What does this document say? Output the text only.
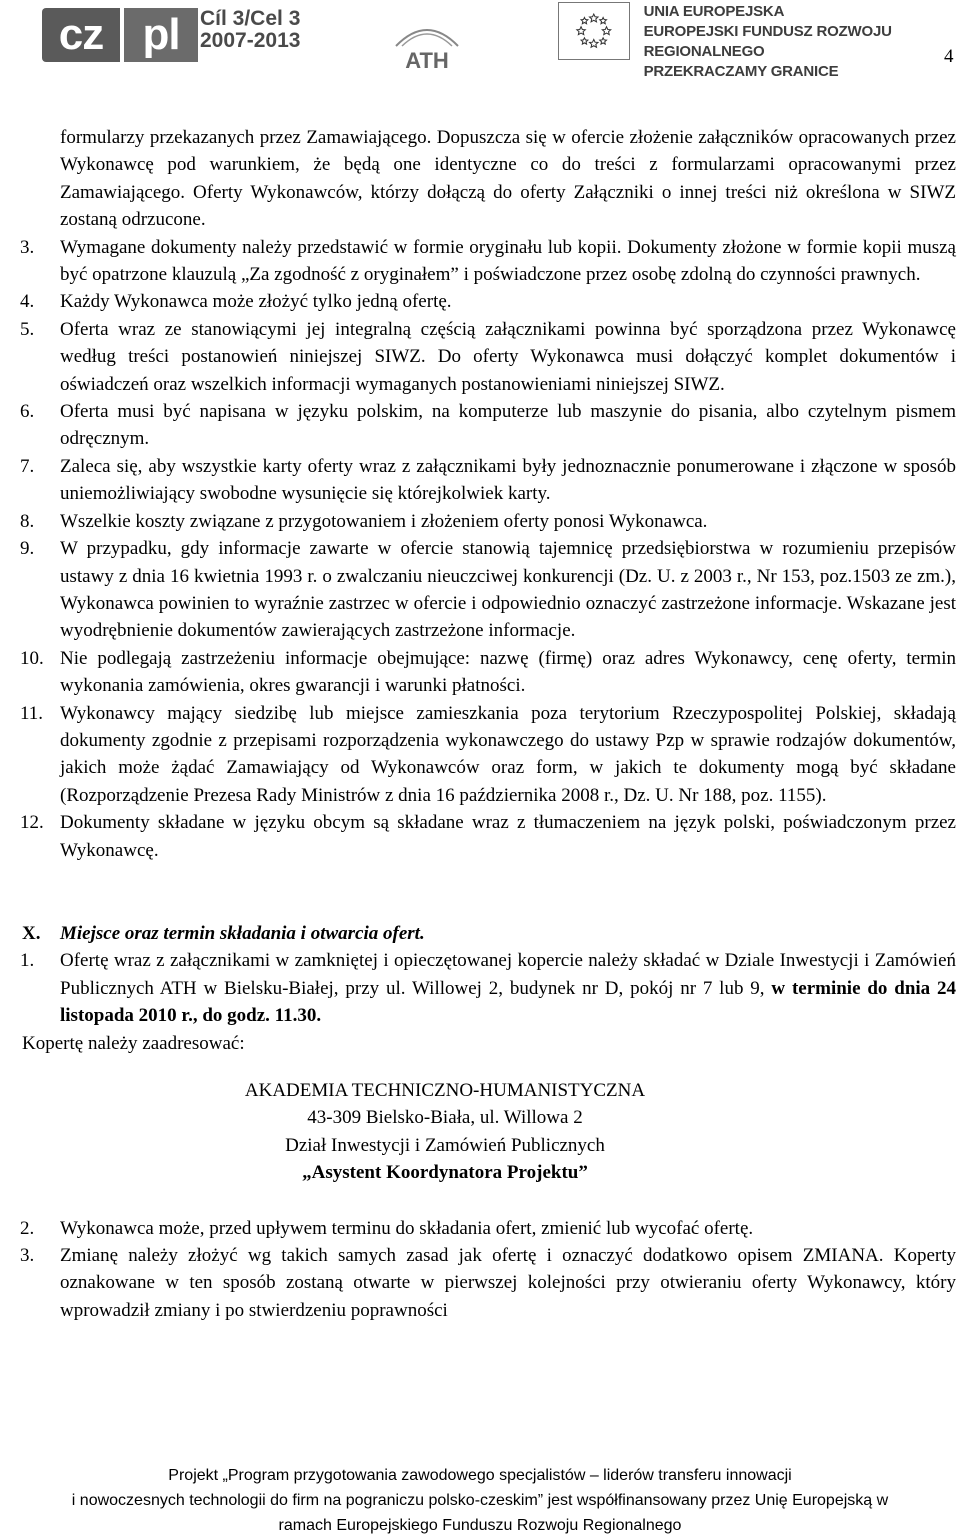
cz pl Cíl 3/Cel 3
2007-2013
ATH
UNIA EUROPEJSKA
EUROPEJSKI FUNDUSZ ROZWOJU REGIONALNEGO
PRZEKRACZAMY GRANICE
4
formularzy przekazanych przez Zamawiającego. Dopuszcza się w ofercie złożenie załączników opracowanych przez Wykonawcę pod warunkiem, że będą one identyczne co do treści z formularzami opracowanymi przez Zamawiającego. Oferty Wykonawców, którzy dołączą do oferty Załączniki o innej treści niż określona w SIWZ zostaną odrzucone.
3.	Wymagane dokumenty należy przedstawić w formie oryginału lub kopii. Dokumenty złożone w formie kopii muszą być opatrzone klauzulą „Za zgodność z oryginałem” i poświadczone przez osobę zdolną do czynności prawnych.
4.	Każdy Wykonawca może złożyć tylko jedną ofertę.
5.	Oferta wraz ze stanowiącymi jej integralną częścią załącznikami powinna być sporządzona przez Wykonawcę według treści postanowień niniejszej SIWZ. Do oferty Wykonawca musi dołączyć komplet dokumentów i oświadczeń oraz wszelkich informacji wymaganych postanowieniami niniejszej SIWZ.
6.	Oferta musi być napisana w języku polskim, na komputerze lub maszynie do pisania, albo czytelnym pismem odręcznym.
7.	Zaleca się, aby wszystkie karty oferty wraz z załącznikami były jednoznacznie ponumerowane i złączone w sposób uniemożliwiający swobodne wysunięcie się którejkolwiek karty.
8.	Wszelkie koszty związane z przygotowaniem i złożeniem oferty ponosi Wykonawca.
9.	W przypadku, gdy informacje zawarte w ofercie stanowią tajemnicę przedsiębiorstwa w rozumieniu przepisów ustawy z dnia 16 kwietnia 1993 r. o zwalczaniu nieuczciwej konkurencji (Dz. U. z 2003 r., Nr 153, poz.1503 ze zm.), Wykonawca powinien to wyraźnie zastrzec w ofercie i odpowiednio oznaczyć zastrzeżone informacje. Wskazane jest wyodrębnienie dokumentów zawierających zastrzeżone informacje.
10. Nie podlegają zastrzeżeniu informacje obejmujące: nazwę (firmę) oraz adres Wykonawcy, cenę oferty, termin wykonania zamówienia, okres gwarancji i warunki płatności.
11. Wykonawcy mający siedzibę lub miejsce zamieszkania poza terytorium Rzeczypospolitej Polskiej, składają dokumenty zgodnie z przepisami rozporządzenia wykonawczego do ustawy Pzp w sprawie rodzajów dokumentów, jakich może żądać Zamawiający od Wykonawców oraz form, w jakich te dokumenty mogą być składane (Rozporządzenie Prezesa Rady Ministrów z dnia 16 października 2008 r., Dz. U. Nr 188, poz. 1155).
12. Dokumenty składane w języku obcym są składane wraz z tłumaczeniem na język polski, poświadczonym przez Wykonawcę.
X.	Miejsce oraz termin składania i otwarcia ofert.
1.	Ofertę wraz z załącznikami w zamkniętej i opieczętowanej kopercie należy składać w Dziale Inwestycji i Zamówień Publicznych ATH w Bielsku-Białej, przy ul. Willowej 2, budynek nr D, pokój nr 7 lub 9, w terminie do dnia 24 listopada 2010 r., do godz. 11.30.
Kopertę należy zaadresować:
AKADEMIA TECHNICZNO-HUMANISTYCZNA
43-309 Bielsko-Biała, ul. Willowa 2
Dział Inwestycji i Zamówień Publicznych
„Asystent Koordynatora Projektu”
2.	Wykonawca może, przed upływem terminu do składania ofert, zmienić lub wycofać ofertę.
3.	Zmianę należy złożyć wg takich samych zasad jak ofertę i oznaczyć dodatkowo opisem ZMIANA. Koperty oznakowane w ten sposób zostaną otwarte w pierwszej kolejności przy otwieraniu oferty Wykonawcy, który wprowadził zmiany i po stwierdzeniu poprawności
Projekt „Program przygotowania zawodowego specjalistów – liderów transferu innowacji
i nowoczesnych technologii do firm na pograniczu polsko-czeskim” jest współfinansowany przez Unię Europejską w
ramach Europejskiego Funduszu Rozwoju Regionalnego
